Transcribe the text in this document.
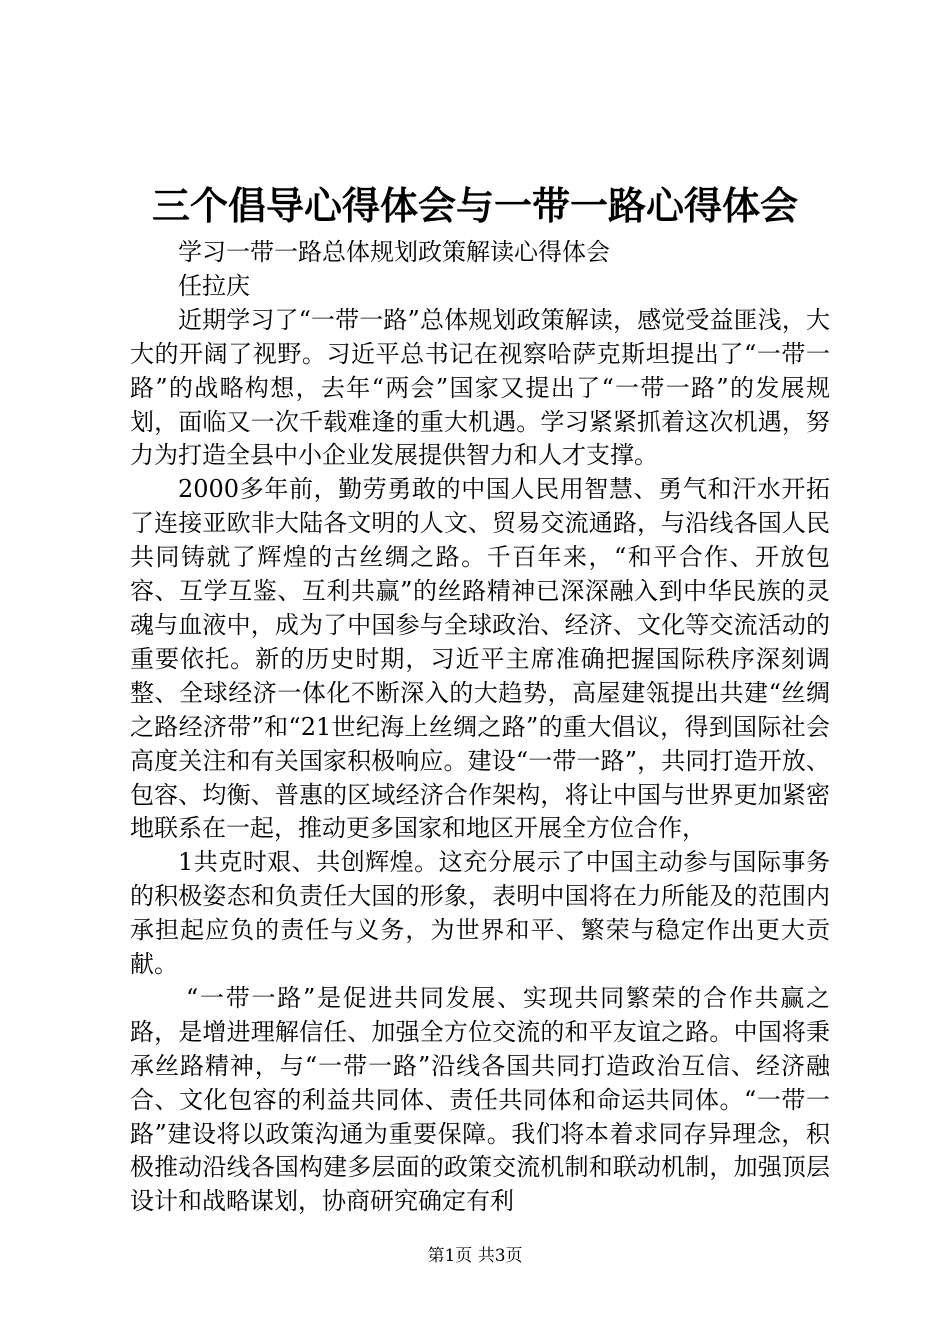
三个倡导心得体会与一带一路心得体会

学习一带一路总体规划政策解读心得体会

任拉庆

近期学习了“一带一路”总体规划政策解读，感觉受益匪浅，大大的开阔了视野。习近平总书记在视察哈萨克斯坦提出了“一带一路”的战略构想，去年“两会”国家又提出了“一带一路”的发展规划，面临又一次千载难逢的重大机遇。学习紧紧抓着这次机遇，努力为打造全县中小企业发展提供智力和人才支撑。

2000多年前，勤劳勇敢的中国人民用智慧、勇气和汗水开拓了连接亚欧非大陆各文明的人文、贸易交流通路，与沿线各国人民共同铸就了辉煌的古丝绸之路。千百年来，“和平合作、开放包容、互学互鉴、互利共赢”的丝路精神已深深融入到中华民族的灵魂与血液中，成为了中国参与全球政治、经济、文化等交流活动的重要依托。新的历史时期，习近平主席准确把握国际秩序深刻调整、全球经济一体化不断深入的大趋势，高屋建瓴提出共建“丝绸之路经济带”和“21世纪海上丝绸之路”的重大倡议，得到国际社会高度关注和有关国家积极响应。建设“一带一路”，共同打造开放、包容、均衡、普惠的区域经济合作架构，将让中国与世界更加紧密地联系在一起，推动更多国家和地区开展全方位合作，

1共克时艰、共创辉煌。这充分展示了中国主动参与国际事务的积极姿态和负责任大国的形象，表明中国将在力所能及的范围内承担起应负的责任与义务，为世界和平、繁荣与稳定作出更大贡献。

“一带一路”是促进共同发展、实现共同繁荣的合作共赢之路，是增进理解信任、加强全方位交流的和平友谊之路。中国将秉承丝路精神，与“一带一路”沿线各国共同打造政治互信、经济融合、文化包容的利益共同体、责任共同体和命运共同体。“一带一路”建设将以政策沟通为重要保障。我们将本着求同存异理念，积极推动沿线各国构建多层面的政策交流机制和联动机制，加强顶层设计和战略谋划，协商研究确定有利

第1页 共3页
